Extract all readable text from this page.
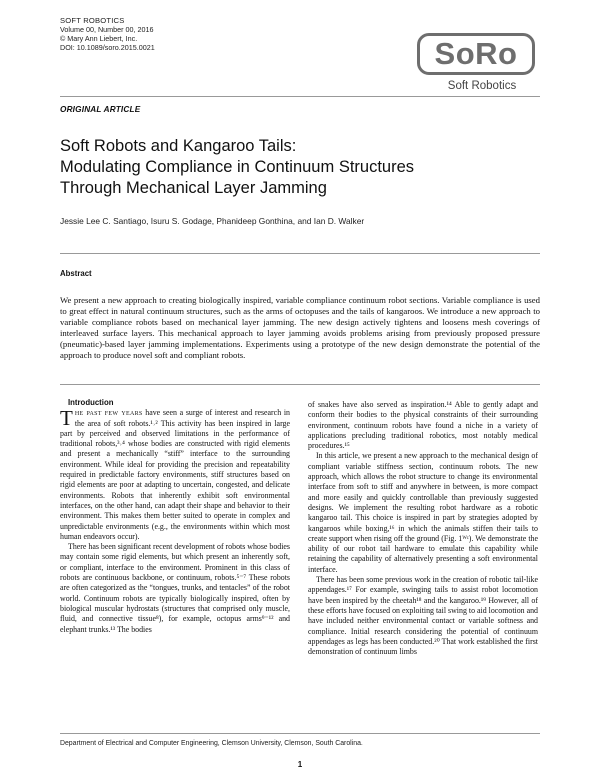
SOFT ROBOTICS
Volume 00, Number 00, 2016
© Mary Ann Liebert, Inc.
DOI: 10.1089/soro.2015.0021	SoRo
Soft Robotics
ORIGINAL ARTICLE
Soft Robots and Kangaroo Tails:
Modulating Compliance in Continuum Structures
Through Mechanical Layer Jamming
Jessie Lee C. Santiago, Isuru S. Godage, Phanideep Gonthina, and Ian D. Walker
Abstract
We present a new approach to creating biologically inspired, variable compliance continuum robot sections. Variable compliance is used to great effect in natural continuum structures, such as the arms of octopuses and the tails of kangaroos. We introduce a new approach to variable compliance robots based on mechanical layer jamming. The new design actively tightens and loosens mesh coverings of interleaved surface layers. This mechanical approach to layer jamming avoids problems arising from previously proposed pressure (pneumatic)-based layer jamming implementations. Experiments using a prototype of the new design demonstrate the potential of the approach to produce novel soft and compliant robots.

Introduction

The past few years have seen a surge of interest and research in the area of soft robots.¹˒² This activity has been inspired in large part by perceived and observed limitations in the performance of traditional robots,³˒⁴ whose bodies are constructed with rigid elements and present a mechanically “stiff” interface to the surrounding environment. While ideal for providing the precision and repeatability required in predictable factory environments, stiff structures based on rigid elements are poor at adapting to uncertain, congested, and delicate environments. Robots that inherently exhibit soft environmental interfaces, on the other hand, can adapt their shape and behavior to their environment. This makes them better suited to operate in complex and unpredictable environments (e.g., the environments within which most human endeavors occur).

There has been significant recent development of robots whose bodies may contain some rigid elements, but which present an inherently soft, or compliant, interface to the environment. Prominent in this class of robots are continuous backbone, or continuum, robots.⁵⁻⁷ These robots are often categorized as the “tongues, trunks, and tentacles” of the robot world. Continuum robots are typically biologically inspired, often by biological muscular hydrostats (structures that comprised only muscle, fluid, and connective tissue⁸), for example, octopus arms⁹⁻¹² and elephant trunks.¹³ The bodies

of snakes have also served as inspiration.¹⁴ Able to gently adapt and conform their bodies to the physical constraints of their surrounding environment, continuum robots have found a niche in a variety of applications precluding traditional robotics, most notably medical procedures.¹⁵

In this article, we present a new approach to the mechanical design of compliant variable stiffness section, continuum robots. The new approach, which allows the robot structure to change its environmental interface from soft to stiff and anywhere in between, is more compact and more easily and quickly controllable than previously suggested designs. We implement the resulting robot hardware as a robotic kangaroo tail. This choice is inspired in part by strategies adopted by kangaroos while boxing,¹⁶ in which the animals stiffen their tails to create support when rising off the ground (Fig. 1ᵂᶜ). We demonstrate the ability of our robot tail hardware to emulate this capability while retaining the capability of alternatively presenting a soft environmental interface.

There has been some previous work in the creation of robotic tail-like appendages.¹⁷ For example, swinging tails to assist robot locomotion have been inspired by the cheetah¹⁸ and the kangaroo.¹⁹ However, all of these efforts have focused on exploiting tail swing to aid locomotion and have included neither environmental contact or variable softness and compliance. Initial research considering the potential of continuum appendages as legs has been conducted.²⁰ That work established the first demonstration of continuum limbs

Department of Electrical and Computer Engineering, Clemson University, Clemson, South Carolina.
1
